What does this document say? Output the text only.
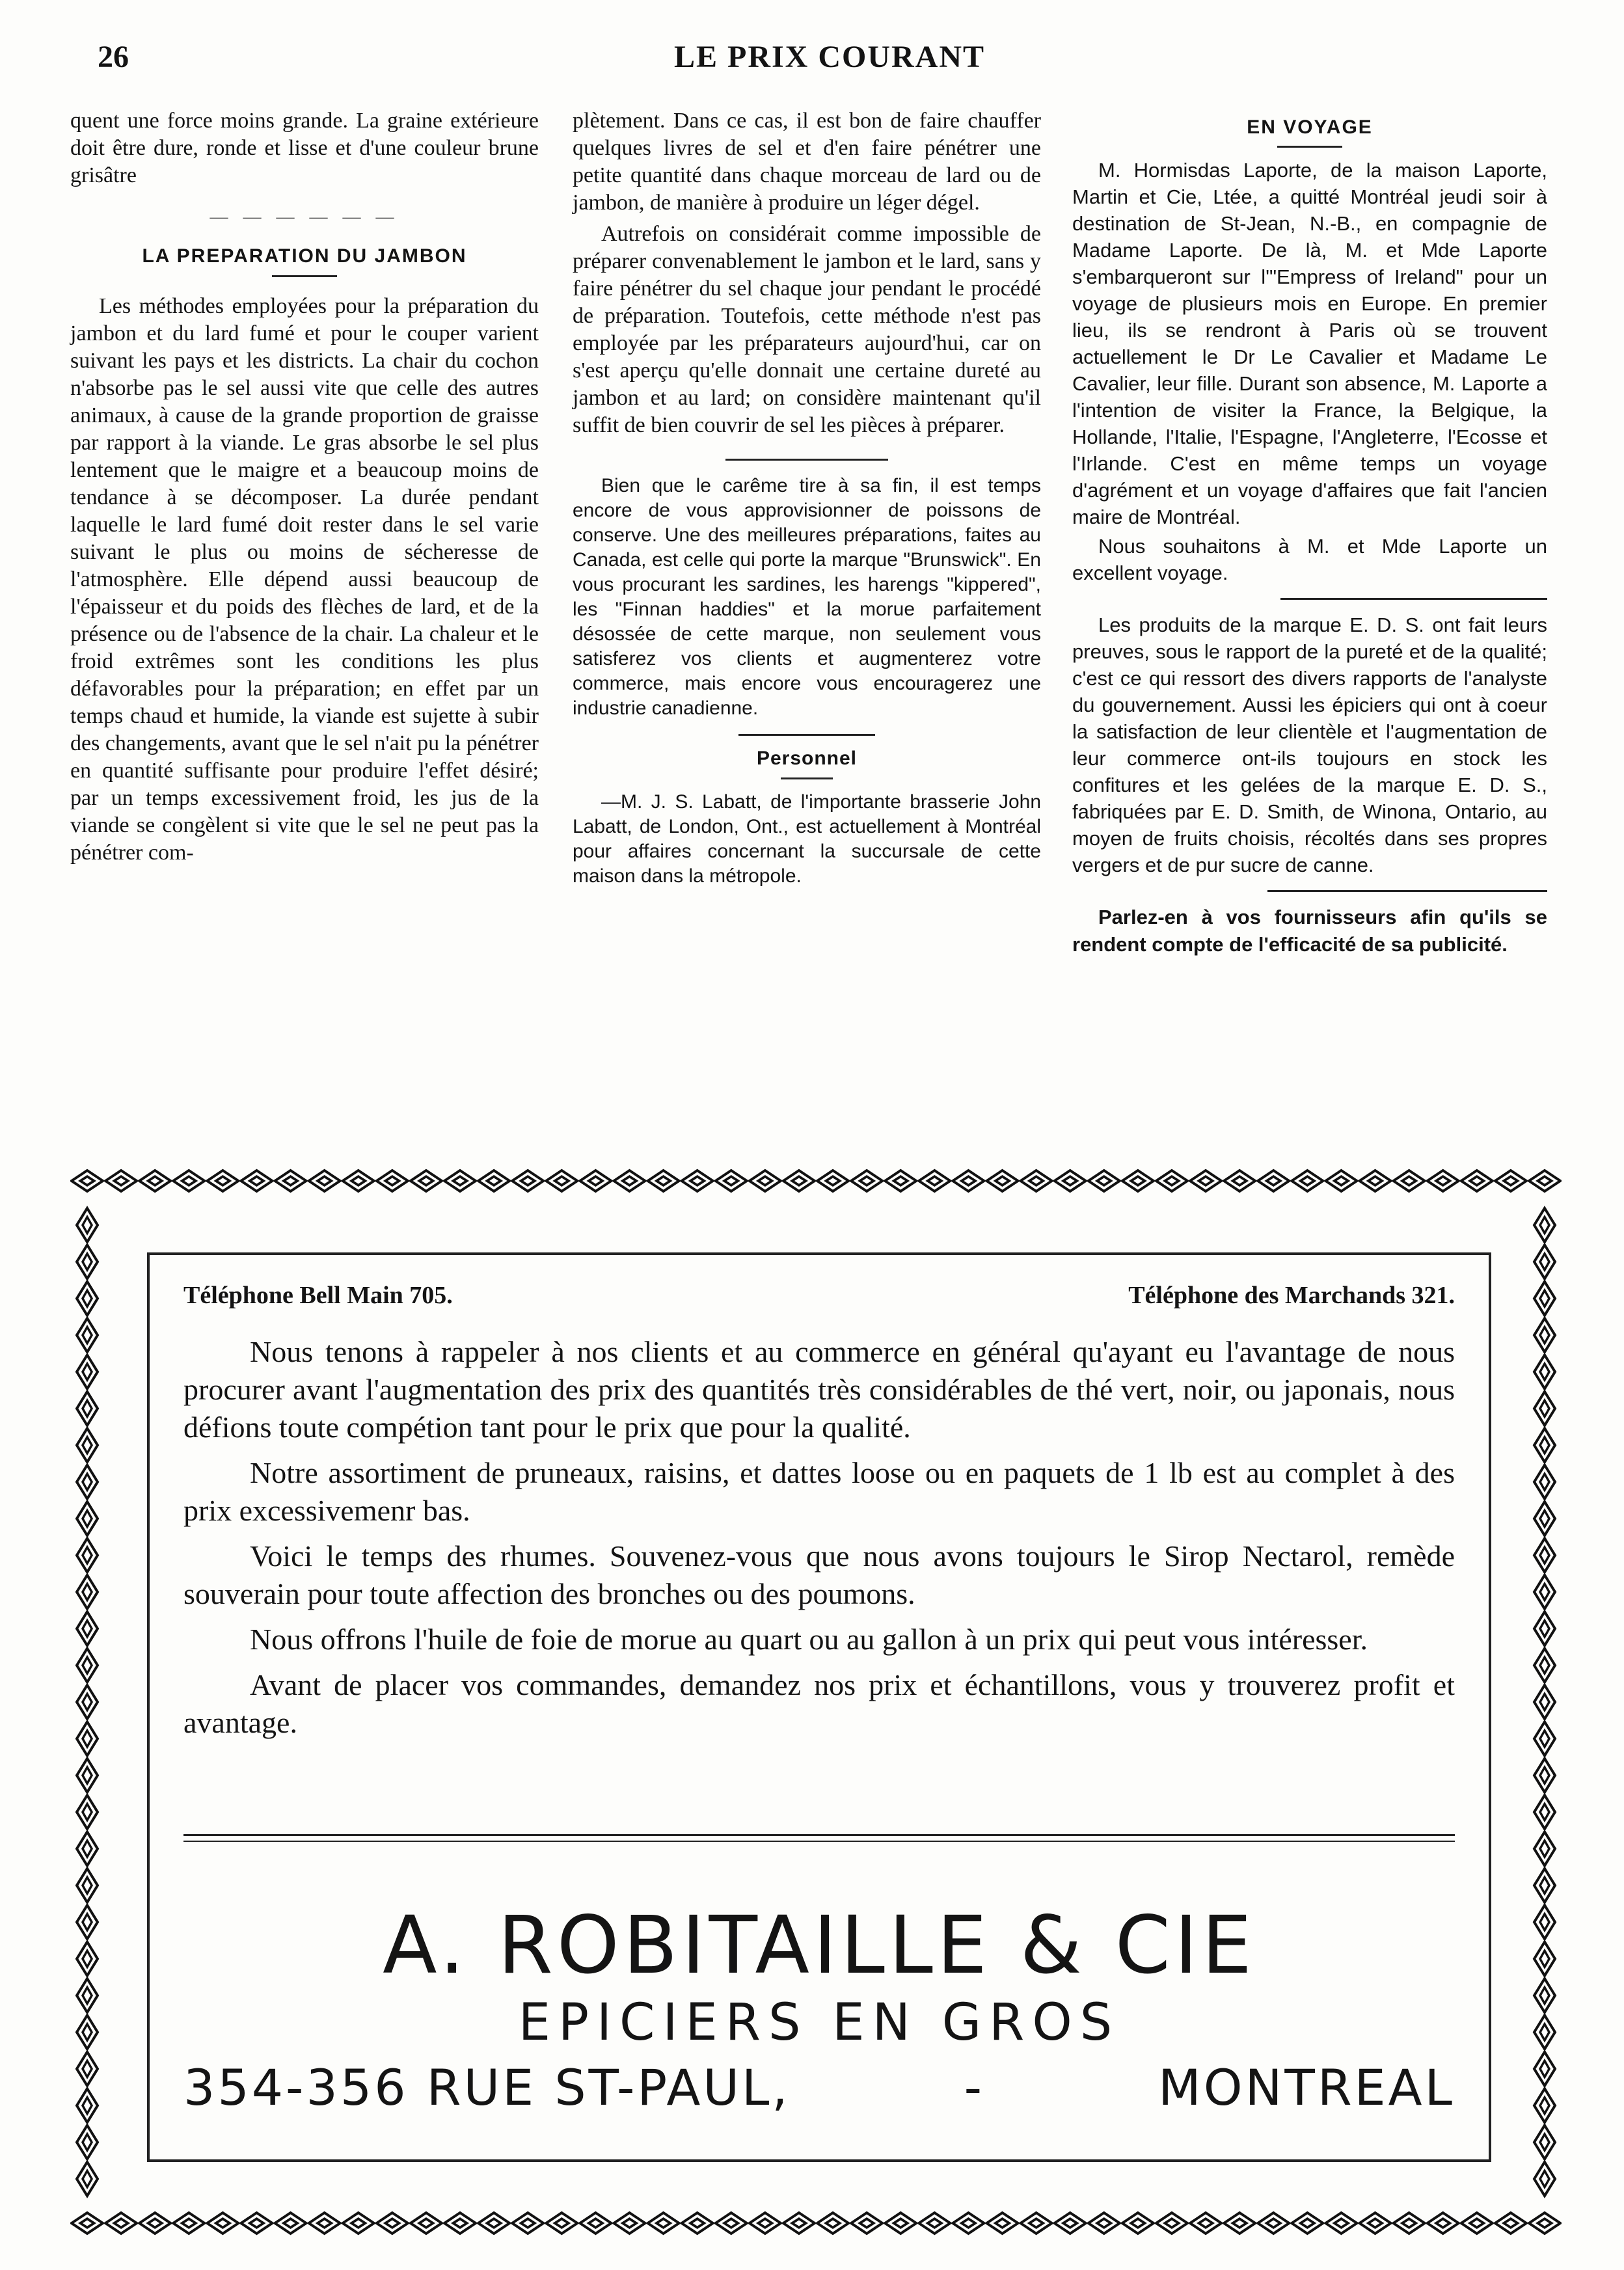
26	LE PRIX COURANT

quent une force moins grande. La graine extérieure doit être dure, ronde et lisse et d'une couleur brune grisâtre

— — — — — —
LA PREPARATION DU JAMBON

Les méthodes employées pour la préparation du jambon et du lard fumé et pour le couper varient suivant les pays et les districts. La chair du cochon n'absorbe pas le sel aussi vite que celle des autres animaux, à cause de la grande proportion de graisse par rapport à la viande. Le gras absorbe le sel plus lentement que le maigre et a beaucoup moins de tendance à se décomposer. La durée pendant laquelle le lard fumé doit rester dans le sel varie suivant le plus ou moins de sécheresse de l'atmosphère. Elle dépend aussi beaucoup de l'épaisseur et du poids des flèches de lard, et de la présence ou de l'absence de la chair. La chaleur et le froid extrêmes sont les conditions les plus défavorables pour la préparation; en effet par un temps chaud et humide, la viande est sujette à subir des changements, avant que le sel n'ait pu la pénétrer en quantité suffisante pour produire l'effet désiré; par un temps excessivement froid, les jus de la viande se congèlent si vite que le sel ne peut pas la pénétrer com-

plètement. Dans ce cas, il est bon de faire chauffer quelques livres de sel et d'en faire pénétrer une petite quantité dans chaque morceau de lard ou de jambon, de manière à produire un léger dégel.

Autrefois on considérait comme impossible de préparer convenablement le jambon et le lard, sans y faire pénétrer du sel chaque jour pendant le procédé de préparation. Toutefois, cette méthode n'est pas employée par les préparateurs aujourd'hui, car on s'est aperçu qu'elle donnait une certaine dureté au jambon et au lard; on considère maintenant qu'il suffit de bien couvrir de sel les pièces à préparer.

Bien que le carême tire à sa fin, il est temps encore de vous approvisionner de poissons de conserve. Une des meilleures préparations, faites au Canada, est celle qui porte la marque "Brunswick". En vous procurant les sardines, les harengs "kippered", les "Finnan haddies" et la morue parfaitement désossée de cette marque, non seulement vous satisferez vos clients et augmenterez votre commerce, mais encore vous encouragerez une industrie canadienne.

Personnel

—M. J. S. Labatt, de l'importante brasserie John Labatt, de London, Ont., est actuellement à Montréal pour affaires concernant la succursale de cette maison dans la métropole.

EN VOYAGE

M. Hormisdas Laporte, de la maison Laporte, Martin et Cie, Ltée, a quitté Montréal jeudi soir à destination de St-Jean, N.-B., en compagnie de Madame Laporte. De là, M. et Mde Laporte s'embarqueront sur l'"Empress of Ireland" pour un voyage de plusieurs mois en Europe. En premier lieu, ils se rendront à Paris où se trouvent actuellement le Dr Le Cavalier et Madame Le Cavalier, leur fille. Durant son absence, M. Laporte a l'intention de visiter la France, la Belgique, la Hollande, l'Italie, l'Espagne, l'Angleterre, l'Ecosse et l'Irlande. C'est en même temps un voyage d'agrément et un voyage d'affaires que fait l'ancien maire de Montréal.

Nous souhaitons à M. et Mde Laporte un excellent voyage.

Les produits de la marque E. D. S. ont fait leurs preuves, sous le rapport de la pureté et de la qualité; c'est ce qui ressort des divers rapports de l'analyste du gouvernement. Aussi les épiciers qui ont à coeur la satisfaction de leur clientèle et l'augmentation de leur commerce ont-ils toujours en stock les confitures et les gelées de la marque E. D. S., fabriquées par E. D. Smith, de Winona, Ontario, au moyen de fruits choisis, récoltés dans ses propres vergers et de pur sucre de canne.

Parlez-en à vos fournisseurs afin qu'ils se rendent compte de l'efficacité de sa publicité.

Téléphone Bell Main 705.	Téléphone des Marchands 321.

Nous tenons à rappeler à nos clients et au commerce en général qu'ayant eu l'avantage de nous procurer avant l'augmentation des prix des quantités très considérables de thé vert, noir, ou japonais, nous défions toute compétion tant pour le prix que pour la qualité.

Notre assortiment de pruneaux, raisins, et dattes loose ou en paquets de 1 lb est au complet à des prix excessivemenr bas.

Voici le temps des rhumes. Souvenez-vous que nous avons toujours le Sirop Nectarol, remède souverain pour toute affection des bronches ou des poumons.

Nous offrons l'huile de foie de morue au quart ou au gallon à un prix qui peut vous intéresser.

Avant de placer vos commandes, demandez nos prix et échantillons, vous y trouverez profit et avantage.

A. ROBITAILLE & CIE
EPICIERS EN GROS
354-356 RUE ST-PAUL,	-	MONTREAL
